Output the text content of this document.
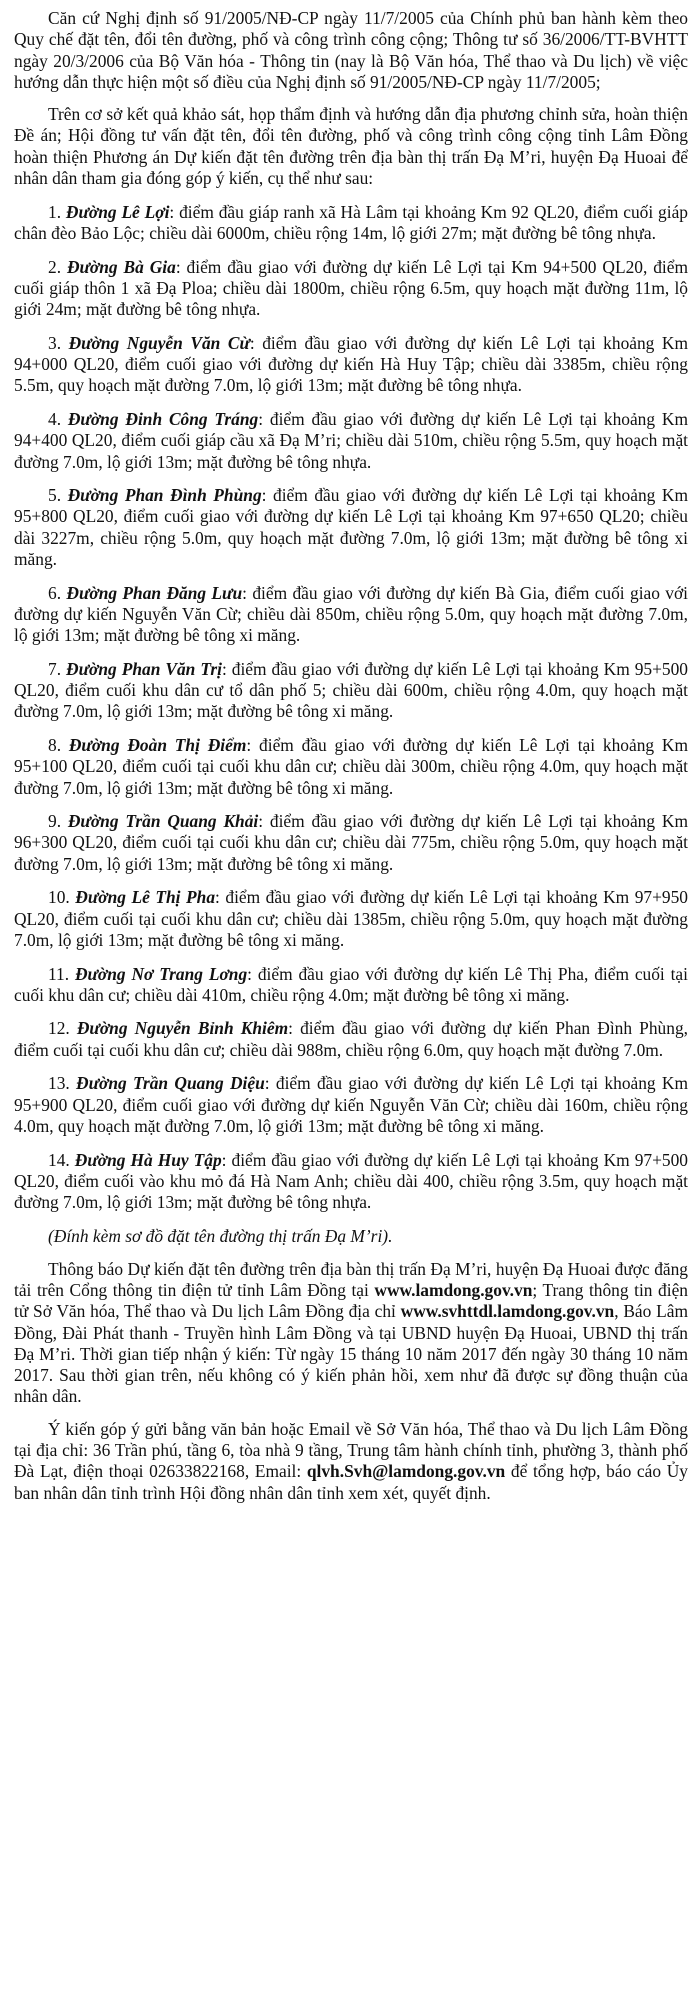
Căn cứ Nghị định số 91/2005/NĐ-CP ngày 11/7/2005 của Chính phủ ban hành kèm theo Quy chế đặt tên, đổi tên đường, phố và công trình công cộng; Thông tư số 36/2006/TT-BVHTT ngày 20/3/2006 của Bộ Văn hóa - Thông tin (nay là Bộ Văn hóa, Thể thao và Du lịch) về việc hướng dẫn thực hiện một số điều của Nghị định số 91/2005/NĐ-CP ngày 11/7/2005;

Trên cơ sở kết quả khảo sát, họp thẩm định và hướng dẫn địa phương chỉnh sửa, hoàn thiện Đề án; Hội đồng tư vấn đặt tên, đổi tên đường, phố và công trình công cộng tỉnh Lâm Đồng hoàn thiện Phương án Dự kiến đặt tên đường trên địa bàn thị trấn Đạ M’ri, huyện Đạ Huoai để nhân dân tham gia đóng góp ý kiến, cụ thể như sau:

1. Đường Lê Lợi: điểm đầu giáp ranh xã Hà Lâm tại khoảng Km 92 QL20, điểm cuối giáp chân đèo Bảo Lộc; chiều dài 6000m, chiều rộng 14m, lộ giới 27m; mặt đường bê tông nhựa.

2. Đường Bà Gia: điểm đầu giao với đường dự kiến Lê Lợi tại Km 94+500 QL20, điểm cuối giáp thôn 1 xã Đạ Ploa; chiều dài 1800m, chiều rộng 6.5m, quy hoạch mặt đường 11m, lộ giới 24m; mặt đường bê tông nhựa.

3. Đường Nguyễn Văn Cừ: điểm đầu giao với đường dự kiến Lê Lợi tại khoảng Km 94+000 QL20, điểm cuối giao với đường dự kiến Hà Huy Tập; chiều dài 3385m, chiều rộng 5.5m, quy hoạch mặt đường 7.0m, lộ giới 13m; mặt đường bê tông nhựa.

4. Đường Đinh Công Tráng: điểm đầu giao với đường dự kiến Lê Lợi tại khoảng Km 94+400 QL20, điểm cuối giáp cầu xã Đạ M’ri; chiều dài 510m, chiều rộng 5.5m, quy hoạch mặt đường 7.0m, lộ giới 13m; mặt đường bê tông nhựa.

5. Đường Phan Đình Phùng: điểm đầu giao với đường dự kiến Lê Lợi tại khoảng Km 95+800 QL20, điểm cuối giao với đường dự kiến Lê Lợi tại khoảng Km 97+650 QL20; chiều dài 3227m, chiều rộng 5.0m, quy hoạch mặt đường 7.0m, lộ giới 13m; mặt đường bê tông xi măng.

6. Đường Phan Đăng Lưu: điểm đầu giao với đường dự kiến Bà Gia, điểm cuối giao với đường dự kiến Nguyễn Văn Cừ; chiều dài 850m, chiều rộng 5.0m, quy hoạch mặt đường 7.0m, lộ giới 13m; mặt đường bê tông xi măng.

7. Đường Phan Văn Trị: điểm đầu giao với đường dự kiến Lê Lợi tại khoảng Km 95+500 QL20, điểm cuối khu dân cư tổ dân phố 5; chiều dài 600m, chiều rộng 4.0m, quy hoạch mặt đường 7.0m, lộ giới 13m; mặt đường bê tông xi măng.

8. Đường Đoàn Thị Điểm: điểm đầu giao với đường dự kiến Lê Lợi tại khoảng Km 95+100 QL20, điểm cuối tại cuối khu dân cư; chiều dài 300m, chiều rộng 4.0m, quy hoạch mặt đường 7.0m, lộ giới 13m; mặt đường bê tông xi măng.

9. Đường Trần Quang Khải: điểm đầu giao với đường dự kiến Lê Lợi tại khoảng Km 96+300 QL20, điểm cuối tại cuối khu dân cư; chiều dài 775m, chiều rộng 5.0m, quy hoạch mặt đường 7.0m, lộ giới 13m; mặt đường bê tông xi măng.

10. Đường Lê Thị Pha: điểm đầu giao với đường dự kiến Lê Lợi tại khoảng Km 97+950 QL20, điểm cuối tại cuối khu dân cư; chiều dài 1385m, chiều rộng 5.0m, quy hoạch mặt đường 7.0m, lộ giới 13m; mặt đường bê tông xi măng.

11. Đường Nơ Trang Lơng: điểm đầu giao với đường dự kiến Lê Thị Pha, điểm cuối tại cuối khu dân cư; chiều dài 410m, chiều rộng 4.0m; mặt đường bê tông xi măng.

12. Đường Nguyễn Bỉnh Khiêm: điểm đầu giao với đường dự kiến Phan Đình Phùng, điểm cuối tại cuối khu dân cư; chiều dài 988m, chiều rộng 6.0m, quy hoạch mặt đường 7.0m.

13. Đường Trần Quang Diệu: điểm đầu giao với đường dự kiến Lê Lợi tại khoảng Km 95+900 QL20, điểm cuối giao với đường dự kiến Nguyễn Văn Cừ; chiều dài 160m, chiều rộng 4.0m, quy hoạch mặt đường 7.0m, lộ giới 13m; mặt đường bê tông xi măng.

14. Đường Hà Huy Tập: điểm đầu giao với đường dự kiến Lê Lợi tại khoảng Km 97+500 QL20, điểm cuối vào khu mỏ đá Hà Nam Anh; chiều dài 400, chiều rộng 3.5m, quy hoạch mặt đường 7.0m, lộ giới 13m; mặt đường bê tông nhựa.

(Đính kèm sơ đồ đặt tên đường thị trấn Đạ M’ri).

Thông báo Dự kiến đặt tên đường trên địa bàn thị trấn Đạ M’ri, huyện Đạ Huoai được đăng tải trên Cổng thông tin điện tử tỉnh Lâm Đồng tại www.lamdong.gov.vn; Trang thông tin điện tử Sở Văn hóa, Thể thao và Du lịch Lâm Đồng địa chỉ www.svhttdl.lamdong.gov.vn, Báo Lâm Đồng, Đài Phát thanh - Truyền hình Lâm Đồng và tại UBND huyện Đạ Huoai, UBND thị trấn Đạ M’ri. Thời gian tiếp nhận ý kiến: Từ ngày 15 tháng 10 năm 2017 đến ngày 30 tháng 10 năm 2017. Sau thời gian trên, nếu không có ý kiến phản hồi, xem như đã được sự đồng thuận của nhân dân.

Ý kiến góp ý gửi bằng văn bản hoặc Email về Sở Văn hóa, Thể thao và Du lịch Lâm Đồng tại địa chỉ: 36 Trần phú, tầng 6, tòa nhà 9 tầng, Trung tâm hành chính tỉnh, phường 3, thành phố Đà Lạt, điện thoại 02633822168, Email: qlvh.Svh@lamdong.gov.vn để tổng hợp, báo cáo Ủy ban nhân dân tỉnh trình Hội đồng nhân dân tỉnh xem xét, quyết định.
